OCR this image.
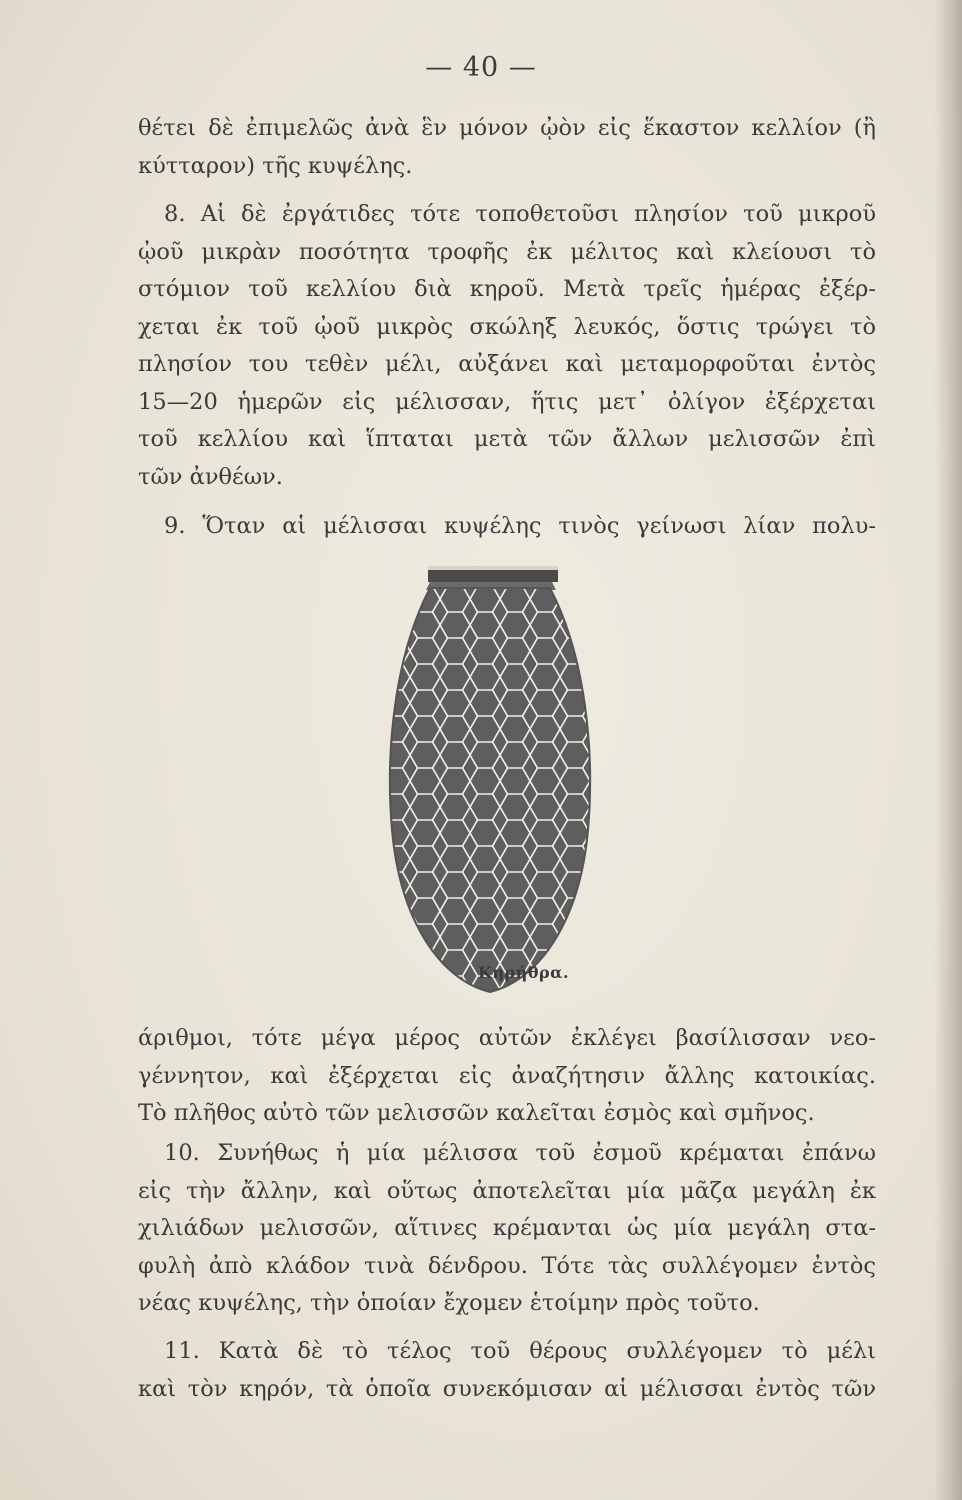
— 40 —
θέτει δὲ ἐπιμελῶς ἀνὰ ἓν μόνον ᾠὸν εἰς ἕκαστον κελλίον (ἢ
κύτταρον) τῆς κυψέλης.
8. Αἱ δὲ ἐργάτιδες τότε τοποθετοῦσι πλησίον τοῦ μικροῦ
ᾠοῦ μικρὰν ποσότητα τροφῆς ἐκ μέλιτος καὶ κλείουσι τὸ
στόμιον τοῦ κελλίου διὰ κηροῦ. Μετὰ τρεῖς ἡμέρας ἐξέρ-
χεται ἐκ τοῦ ᾠοῦ μικρὸς σκώληξ λευκός, ὅστις τρώγει τὸ
πλησίον του τεθὲν μέλι, αὐξάνει καὶ μεταμορφοῦται ἐντὸς
15—20 ἡμερῶν εἰς μέλισσαν, ἥτις μετ᾽ ὀλίγον ἐξέρχεται
τοῦ κελλίου καὶ ἵπταται μετὰ τῶν ἄλλων μελισσῶν ἐπὶ
τῶν ἀνθέων.
9. Ὅταν αἱ μέλισσαι κυψέλης τινὸς γείνωσι λίαν πολυ-
Κηρήθρα.
άριθμοι, τότε μέγα μέρος αὐτῶν ἐκλέγει βασίλισσαν νεο-
γέννητον, καὶ ἐξέρχεται εἰς ἀναζήτησιν ἄλλης κατοικίας.
Τὸ πλῆθος αὐτὸ τῶν μελισσῶν καλεῖται ἐσμὸς καὶ σμῆνος.
10. Συνήθως ἡ μία μέλισσα τοῦ ἐσμοῦ κρέμαται ἐπάνω
εἰς τὴν ἄλλην, καὶ οὕτως ἀποτελεῖται μία μᾶζα μεγάλη ἐκ
χιλιάδων μελισσῶν, αἵτινες κρέμανται ὡς μία μεγάλη στα-
φυλὴ ἀπὸ κλάδον τινὰ δένδρου. Τότε τὰς συλλέγομεν ἐντὸς
νέας κυψέλης, τὴν ὁποίαν ἔχομεν ἑτοίμην πρὸς τοῦτο.
11. Κατὰ δὲ τὸ τέλος τοῦ θέρους συλλέγομεν τὸ μέλι
καὶ τὸν κηρόν, τὰ ὁποῖα συνεκόμισαν αἱ μέλισσαι ἐντὸς τῶν
